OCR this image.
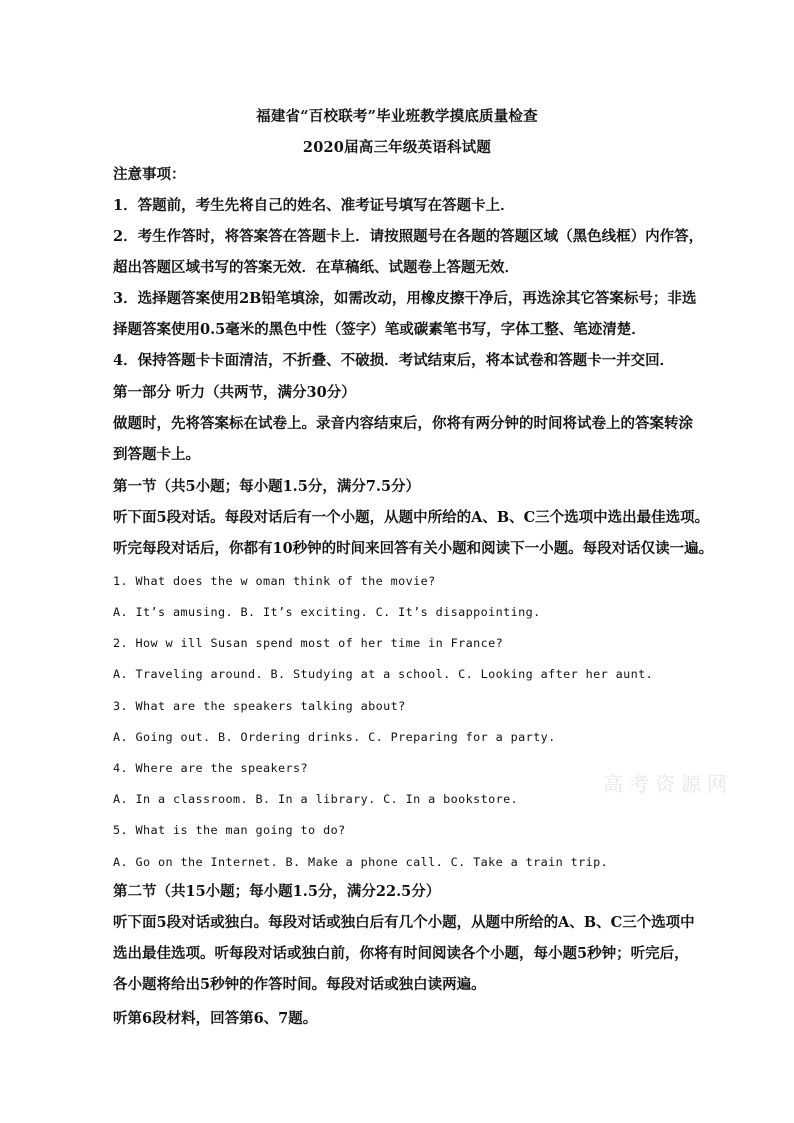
福建省“百校联考”毕业班教学摸底质量检查
2020届高三年级英语科试题
注意事项：
1．答题前，考生先将自己的姓名、准考证号填写在答题卡上．
2．考生作答时，将答案答在答题卡上．请按照题号在各题的答题区域（黑色线框）内作答，
超出答题区域书写的答案无效．在草稿纸、试题卷上答题无效．
3．选择题答案使用2B铅笔填涂，如需改动，用橡皮擦干净后，再选涂其它答案标号；非选
择题答案使用0.5毫米的黑色中性（签字）笔或碳素笔书写，字体工整、笔迹清楚．
4．保持答题卡卡面清洁，不折叠、不破损．考试结束后，将本试卷和答题卡一并交回．
第一部分 听力（共两节，满分30分）
做题时，先将答案标在试卷上。录音内容结束后，你将有两分钟的时间将试卷上的答案转涂
到答题卡上。
第一节（共5小题；每小题1.5分，满分7.5分）
听下面5段对话。每段对话后有一个小题，从题中所给的A、B、C三个选项中选出最佳选项。
听完每段对话后，你都有10秒钟的时间来回答有关小题和阅读下一小题。每段对话仅读一遍。
1. What does the w oman think of the movie?
A. It’s amusing. B. It’s exciting. C. It’s disappointing.
2. How w ill Susan spend most of her time in France?
A. Traveling around. B. Studying at a school. C. Looking after her aunt.
3. What are the speakers talking about?
A. Going out. B. Ordering drinks. C. Preparing for a party.
4. Where are the speakers?
A. In a classroom. B. In a library. C. In a bookstore.
5. What is the man going to do?
A. Go on the Internet. B. Make a phone call. C. Take a train trip.
第二节（共15小题；每小题1.5分，满分22.5分）
听下面5段对话或独白。每段对话或独白后有几个小题，从题中所给的A、B、C三个选项中
选出最佳选项。听每段对话或独白前，你将有时间阅读各个小题，每小题5秒钟；听完后，
各小题将给出5秒钟的作答时间。每段对话或独白读两遍。
听第6段材料，回答第6、7题。
高考资源网
